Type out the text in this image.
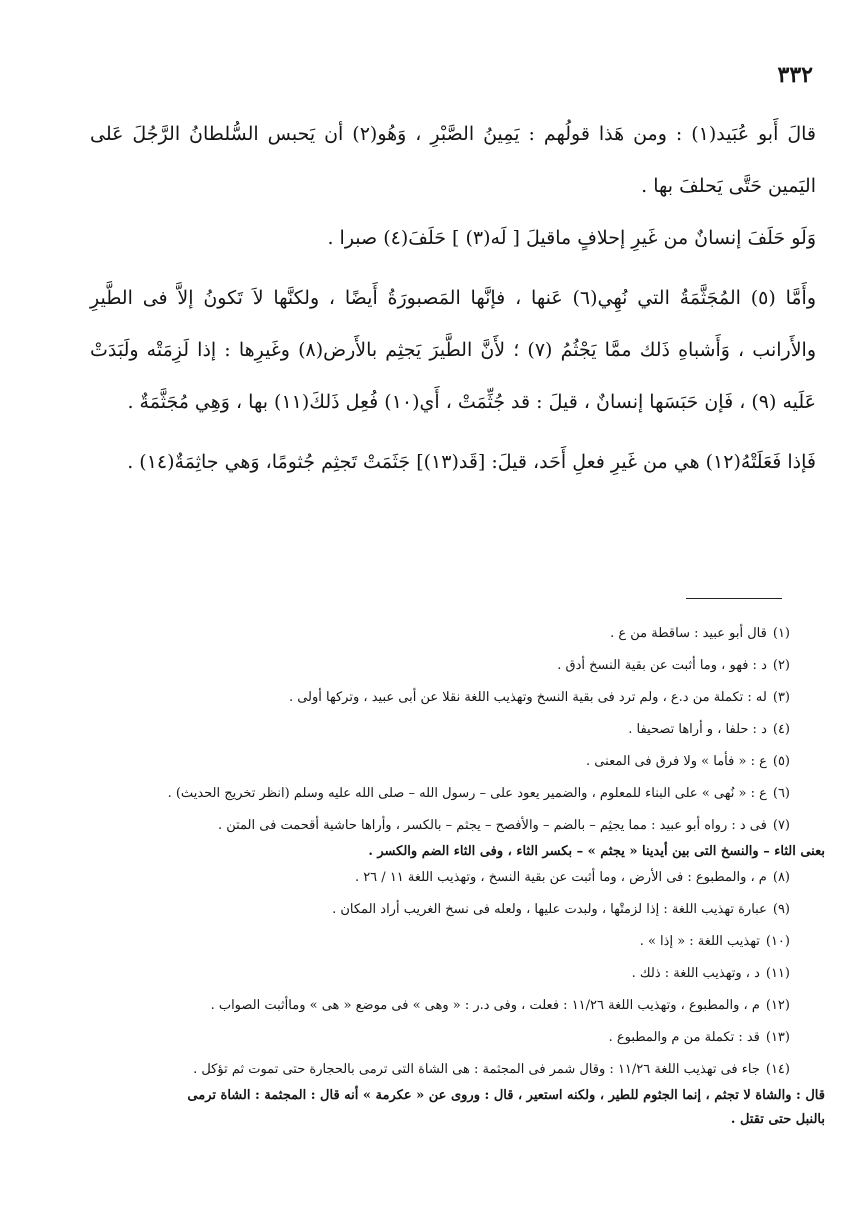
٣٣٢

قالَ أَبو عُبَيد(١) : ومن هَذا قولُهم : يَمِينُ الصَّبْرِ ، وَهُو(٢) أن يَحبس السُّلطانُ الرَّجُلَ عَلى اليَمين حَتَّى يَحلفَ بها .

وَلَو حَلَفَ إنسانٌ من غَيرِ إحلافٍ ماقيلَ [ لَه(٣) ] حَلَفَ(٤) صبرا .

وأَمَّا (٥) المُجَثَّمَةُ التي نُهِي(٦) عَنها ، فإنَّها المَصبورَةُ أَيضًا ، ولكنَّها لاَ تَكونُ إلاَّ فى الطَّيرِ والأَرانب ، وَأَشباهِ ذَلك ممَّا يَجْثُمُ (٧) ؛ لأَنَّ الطَّيرَ يَجثِم بالأَرض(٨) وغَيرِها : إذا لَزِمَتْه ولَبَدَتْ عَلَيه (٩) ، فَإن حَبَسَها إنسانٌ ، قيلَ : قد جُثِّمَتْ ، أَي(١٠) فُعِل ذَلكَ(١١) بها ، وَهِي مُجَثَّمَةٌ .

فَإذا فَعَلَتْهُ(١٢) هي من غَيرِ فعلِ أَحَد، قيلَ: [قَد(١٣)] جَثَمَتْ تَجثِم جُثومًا، وَهي جاثِمَةٌ(١٤) .

(١)قال أبو عبيد : ساقطة من ع .

(٢)د : فهو ، وما أثبت عن بقية النسخ أدق .

(٣)له : تكملة من د.ع ، ولم ترد فى بقية النسخ وتهذيب اللغة نقلا عن أبى عبيد ، وتركها أولى .

(٤)د : حلفا ، و أراها تصحيفا .

(٥)ع : « فأما » ولا فرق فى المعنى .

(٦)ع : « نُهى » على البناء للمعلوم ، والضمير يعود على – رسول الله – صلى الله عليه وسلم (انظر تخريج الحديث) .

(٧)فى د : رواه أبو عبيد : مما يجثِم – بالضم – والأفصح – يجثم – بالكسر ، وأراها حاشية أقحمت فى المتن .

بعنى الثاء – والنسخ التى بين أيدينا « يجثم » – بكسر الثاء ، وفى الثاء الضم والكسر .

(٨)م ، والمطبوع : فى الأرض ، وما أثبت عن بقية النسخ ، وتهذيب اللغة ١١ / ٢٦ .

(٩)عبارة تهذيب اللغة : إذا لزمتْها ، ولبدت عليها ، ولعله فى نسخ الغريب أراد المكان .

(١٠)تهذيب اللغة : « إذا » .

(١١)د ، وتهذيب اللغة : ذلك .

(١٢)م ، والمطبوع ، وتهذيب اللغة ١١/٢٦ : فعلت ، وفى د.ر : « وهى » فى موضع « هى » وماأثبت الصواب .

(١٣)قد : تكملة من م والمطبوع .

(١٤)جاء فى تهذيب اللغة ١١/٢٦ : وقال شمر فى المجثمة : هى الشاة التى ترمى بالحجارة حتى تموت ثم تؤكل .

قال : والشاة لا تجثم ، إنما الجثوم للطير ، ولكنه استعير ، قال : وروى عن « عكرمة » أنه قال : المجثمة : الشاة ترمى

بالنبل حتى تقتل .
